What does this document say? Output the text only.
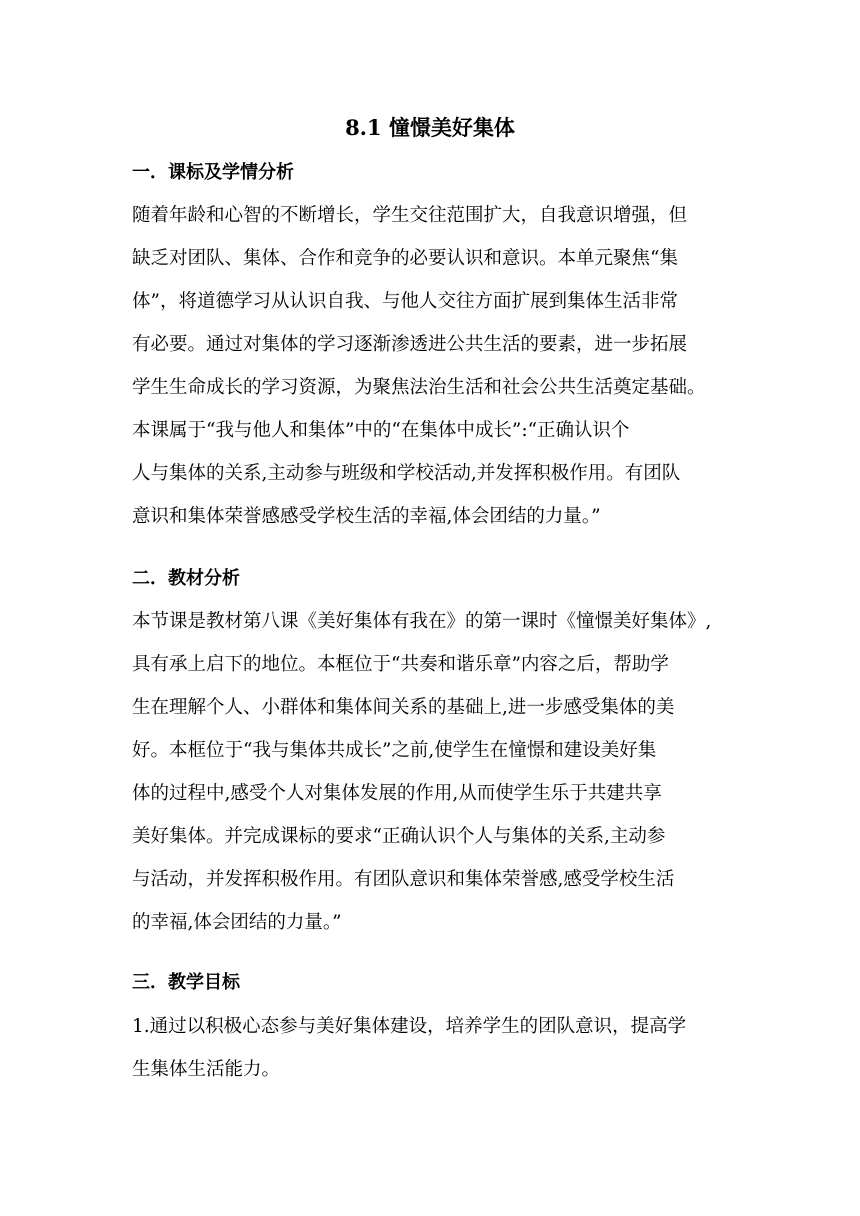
8.1 憧憬美好集体
一．课标及学情分析
随着年龄和心智的不断增长，学生交往范围扩大，自我意识增强，但
缺乏对团队、集体、合作和竞争的必要认识和意识。本单元聚焦“集
体”，将道德学习从认识自我、与他人交往方面扩展到集体生活非常
有必要。通过对集体的学习逐渐渗透进公共生活的要素，进一步拓展
学生生命成长的学习资源，为聚焦法治生活和社会公共生活奠定基础。
本课属于“我与他人和集体”中的“在集体中成长”:“正确认识个
人与集体的关系,主动参与班级和学校活动,并发挥积极作用。有团队
意识和集体荣誉感感受学校生活的幸福,体会团结的力量。”
二．教材分析
本节课是教材第八课《美好集体有我在》的第一课时《憧憬美好集体》,
具有承上启下的地位。本框位于“共奏和谐乐章”内容之后，帮助学
生在理解个人、小群体和集体间关系的基础上,进一步感受集体的美
好。本框位于“我与集体共成长”之前,使学生在憧憬和建设美好集
体的过程中,感受个人对集体发展的作用,从而使学生乐于共建共享
美好集体。并完成课标的要求“正确认识个人与集体的关系,主动参
与活动，并发挥积极作用。有团队意识和集体荣誉感,感受学校生活
的幸福,体会团结的力量。”
三．教学目标
1.通过以积极心态参与美好集体建设，培养学生的团队意识，提高学
生集体生活能力。
